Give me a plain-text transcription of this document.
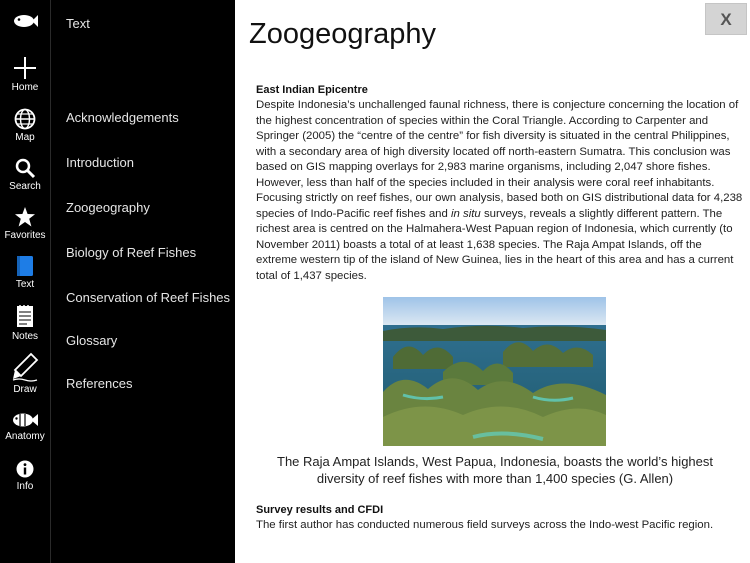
Home
Map
Search
Favorites
Text
Notes
Draw
Anatomy
Info
Text
Acknowledgements
Introduction
Zoogeography
Biology of Reef Fishes
Conservation of Reef Fishes
Glossary
References
Zoogeography	X
East Indian Epicentre
Despite Indonesia’s unchallenged faunal richness, there is conjecture concerning the location of the highest concentration of species within the Coral Triangle. According to Carpenter and Springer (2005) the “centre of the centre” for fish diversity is situated in the central Philippines, with a secondary area of high diversity located off north-eastern Sumatra. This conclusion was based on GIS mapping overlays for 2,983 marine organisms, including 2,047 shore fishes. However, less than half of the species included in their analysis were coral reef inhabitants. Focusing strictly on reef fishes, our own analysis, based both on GIS distributional data for 4,238 species of Indo-Pacific reef fishes and in situ surveys, reveals a slightly different pattern. The richest area is centred on the Halmahera-West Papuan region of Indonesia, which currently (to November 2011) boasts a total of at least 1,638 species. The Raja Ampat Islands, off the extreme western tip of the island of New Guinea, lies in the heart of this area and has a current total of 1,437 species.
The Raja Ampat Islands, West Papua, Indonesia, boasts the world’s highest diversity of reef fishes with more than 1,400 species (G. Allen)
Survey results and CFDI
The first author has conducted numerous field surveys across the Indo-west Pacific region.
